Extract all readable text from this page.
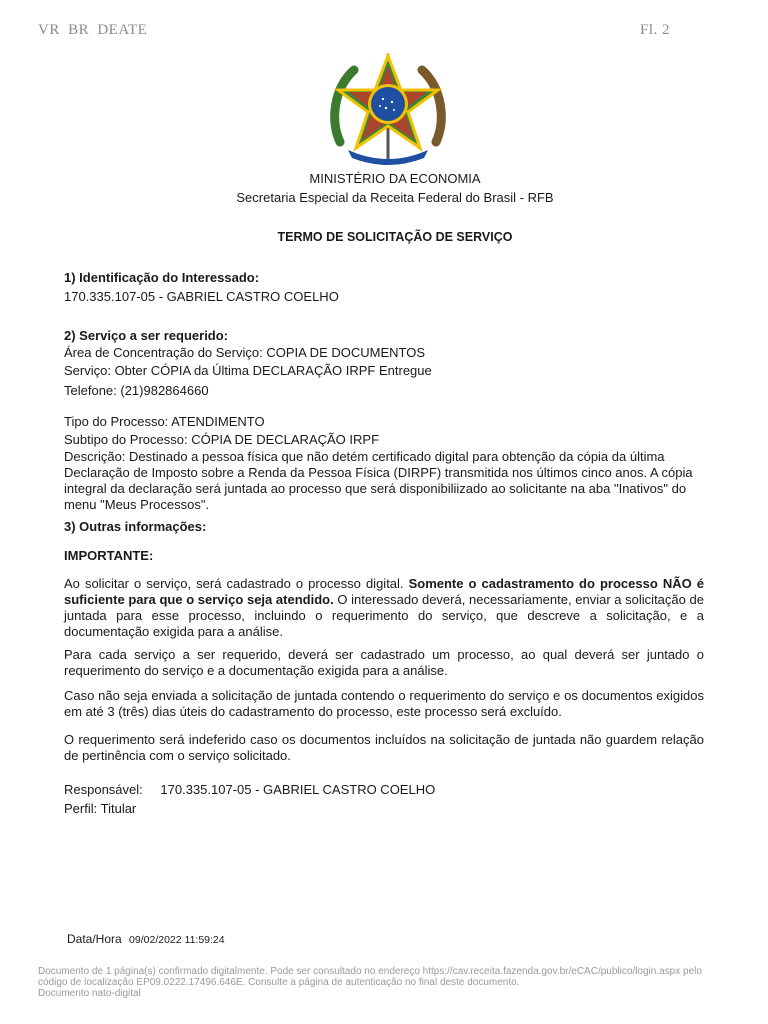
VR BR DEATE	Fl. 2
MINISTÉRIO DA ECONOMIA
Secretaria Especial da Receita Federal do Brasil - RFB
TERMO DE SOLICITAÇÃO DE SERVIÇO
1) Identificação do Interessado:
170.335.107-05 - GABRIEL CASTRO COELHO
2) Serviço a ser requerido:
Área de Concentração do Serviço: COPIA DE DOCUMENTOS
Serviço: Obter CÓPIA da Última DECLARAÇÃO IRPF Entregue
Telefone: (21)982864660
Tipo do Processo: ATENDIMENTO
Subtipo do Processo: CÓPIA DE DECLARAÇÃO IRPF
Descrição: Destinado a pessoa física que não detém certificado digital para obtenção da cópia da última Declaração de Imposto sobre a Renda da Pessoa Física (DIRPF) transmitida nos últimos cinco anos. A cópia integral da declaração será juntada ao processo que será disponibiliizado ao solicitante na aba "Inativos" do menu "Meus Processos".
3) Outras informações:
IMPORTANTE:
Ao solicitar o serviço, será cadastrado o processo digital. Somente o cadastramento do processo NÃO é suficiente para que o serviço seja atendido. O interessado deverá, necessariamente, enviar a solicitação de juntada para esse processo, incluindo o requerimento do serviço, que descreve a solicitação, e a documentação exigida para a análise.
Para cada serviço a ser requerido, deverá ser cadastrado um processo, ao qual deverá ser juntado o requerimento do serviço e a documentação exigida para a análise.
Caso não seja enviada a solicitação de juntada contendo o requerimento do serviço e os documentos exigidos em até 3 (três) dias úteis do cadastramento do processo, este processo será excluído.
O requerimento será indeferido caso os documentos incluídos na solicitação de juntada não guardem relação de pertinência com o serviço solicitado.
Responsável: 170.335.107-05 - GABRIEL CASTRO COELHO
Perfil: Titular
Data/Hora 09/02/2022 11:59:24
Documento de 1 página(s) confirmado digitalmente. Pode ser consultado no endereço https://cav.receita.fazenda.gov.br/eCAC/publico/login.aspx pelo
código de localização EP09.0222.17496.646E. Consulte a página de autenticação no final deste documento.
Documento nato-digital
